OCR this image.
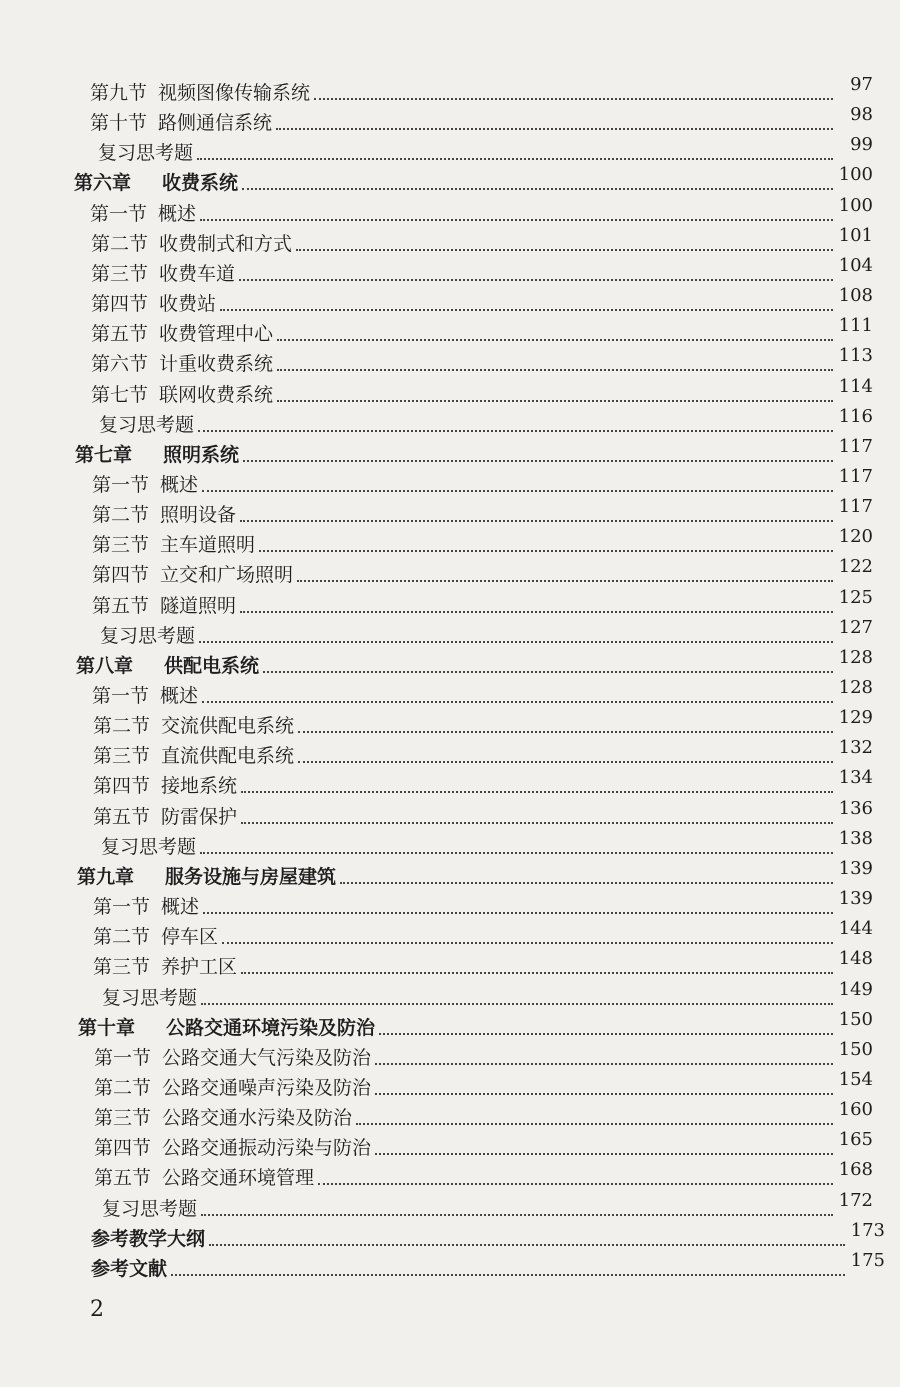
第九节 视频图像传输系统	97
第十节 路侧通信系统	98
复习思考题	99
第六章	收费系统	100
第一节 概述	100
第二节 收费制式和方式	101
第三节 收费车道	104
第四节 收费站	108
第五节 收费管理中心	111
第六节 计重收费系统	113
第七节 联网收费系统	114
复习思考题	116
第七章	照明系统	117
第一节 概述	117
第二节 照明设备	117
第三节 主车道照明	120
第四节 立交和广场照明	122
第五节 隧道照明	125
复习思考题	127
第八章	供配电系统	128
第一节 概述	128
第二节 交流供配电系统	129
第三节 直流供配电系统	132
第四节 接地系统	134
第五节 防雷保护	136
复习思考题	138
第九章	服务设施与房屋建筑	139
第一节 概述	139
第二节 停车区	144
第三节 养护工区	148
复习思考题	149
第十章	公路交通环境污染及防治	150
第一节 公路交通大气污染及防治	150
第二节 公路交通噪声污染及防治	154
第三节 公路交通水污染及防治	160
第四节 公路交通振动污染与防治	165
第五节 公路交通环境管理	168
复习思考题	172
参考教学大纲	173
参考文献	175
2
